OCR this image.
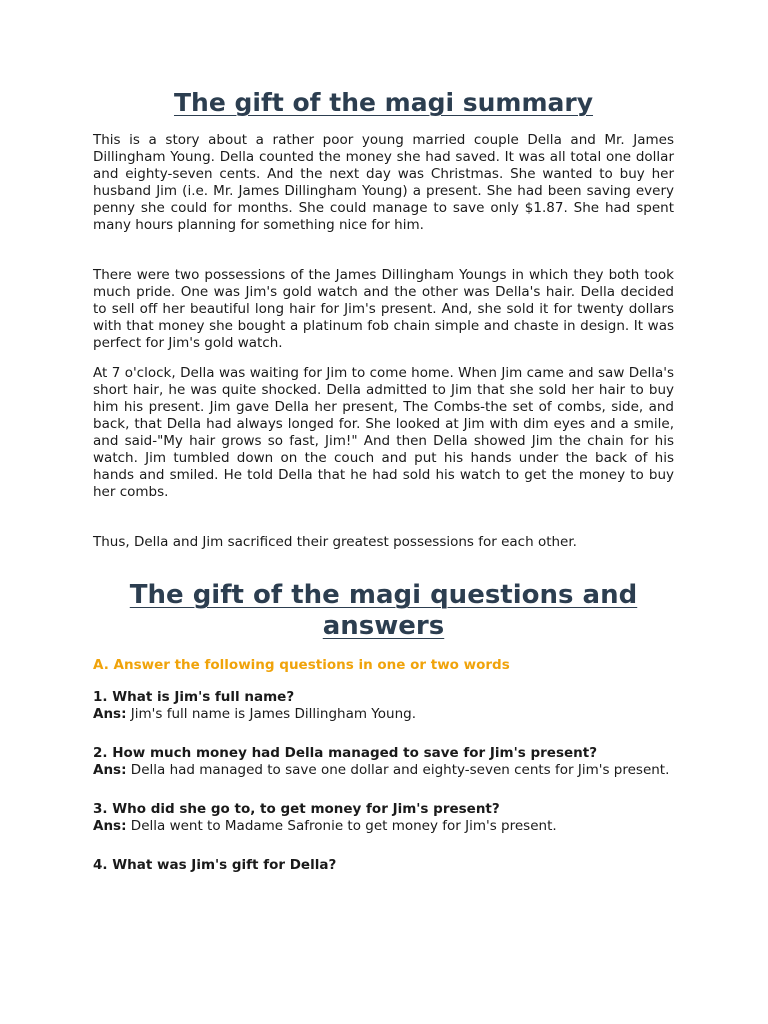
The gift of the magi summary

This is a story about a rather poor young married couple Della and Mr. James Dillingham Young. Della counted the money she had saved. It was all total one dollar and eighty-seven cents. And the next day was Christmas. She wanted to buy her husband Jim (i.e. Mr. James Dillingham Young) a present. She had been saving every penny she could for months. She could manage to save only $1.87. She had spent many hours planning for something nice for him.

There were two possessions of the James Dillingham Youngs in which they both took much pride. One was Jim's gold watch and the other was Della's hair. Della decided to sell off her beautiful long hair for Jim's present. And, she sold it for twenty dollars with that money she bought a platinum fob chain simple and chaste in design. It was perfect for Jim's gold watch.

At 7 o'clock, Della was waiting for Jim to come home. When Jim came and saw Della's short hair, he was quite shocked. Della admitted to Jim that she sold her hair to buy him his present. Jim gave Della her present, The Combs-the set of combs, side, and back, that Della had always longed for. She looked at Jim with dim eyes and a smile, and said-"My hair grows so fast, Jim!" And then Della showed Jim the chain for his watch. Jim tumbled down on the couch and put his hands under the back of his hands and smiled. He told Della that he had sold his watch to get the money to buy her combs.

Thus, Della and Jim sacrificed their greatest possessions for each other.

The gift of the magi questions and answers
A. Answer the following questions in one or two words
1. What is Jim's full name?
Ans: Jim's full name is James Dillingham Young.
2. How much money had Della managed to save for Jim's present?
Ans: Della had managed to save one dollar and eighty-seven cents for Jim's present.
3. Who did she go to, to get money for Jim's present?
Ans: Della went to Madame Safronie to get money for Jim's present.
4. What was Jim's gift for Della?
